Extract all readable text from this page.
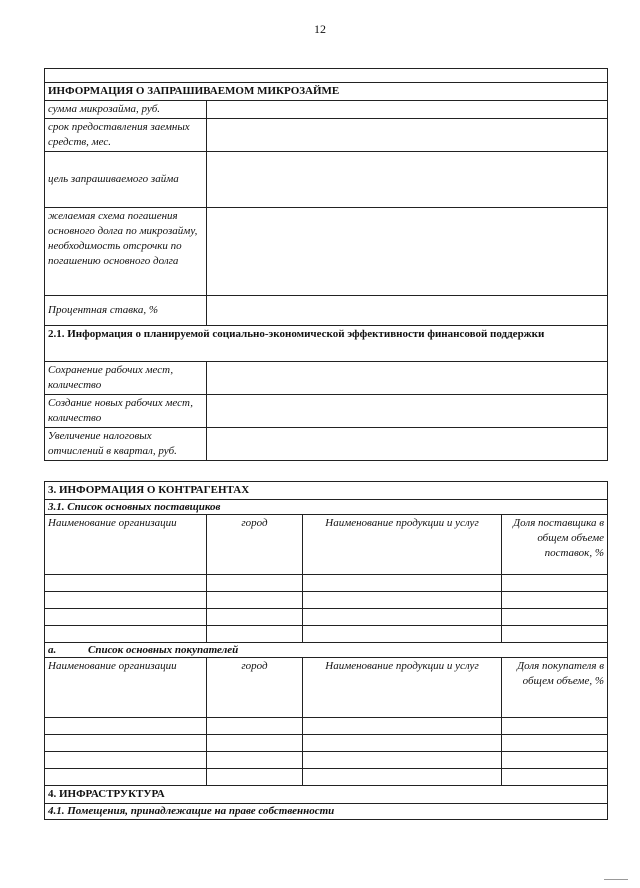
12

ИНФОРМАЦИЯ О ЗАПРАШИВАЕМОМ МИКРОЗАЙМЕ	
сумма микрозайма, руб.	
срок предоставления заемных средств, мес.	
цель запрашиваемого займа	
желаемая схема погашения основного долга по микрозайму, необходимость отсрочки по погашению основного долга	
Процентная ставка, %	
2.1. Информация о планируемой социально-экономической эффективности финансовой поддержки	
Сохранение рабочих мест, количество	
Создание новых рабочих мест, количество	
Увеличение налоговых отчислений в квартал, руб.	
3. ИНФОРМАЦИЯ О КОНТРАГЕНТАХ			
3.1. Список основных поставщиков			
Наименование организации	город	Наименование продукции и услуг	Доля поставщика в общем объеме поставок, %

a. Список основных покупателей			
Наименование организации	город	Наименование продукции и услуг	Доля покупателя в общем объеме, %

4. ИНФРАСТРУКТУРА			
4.1. Помещения, принадлежащие на праве собственности			
